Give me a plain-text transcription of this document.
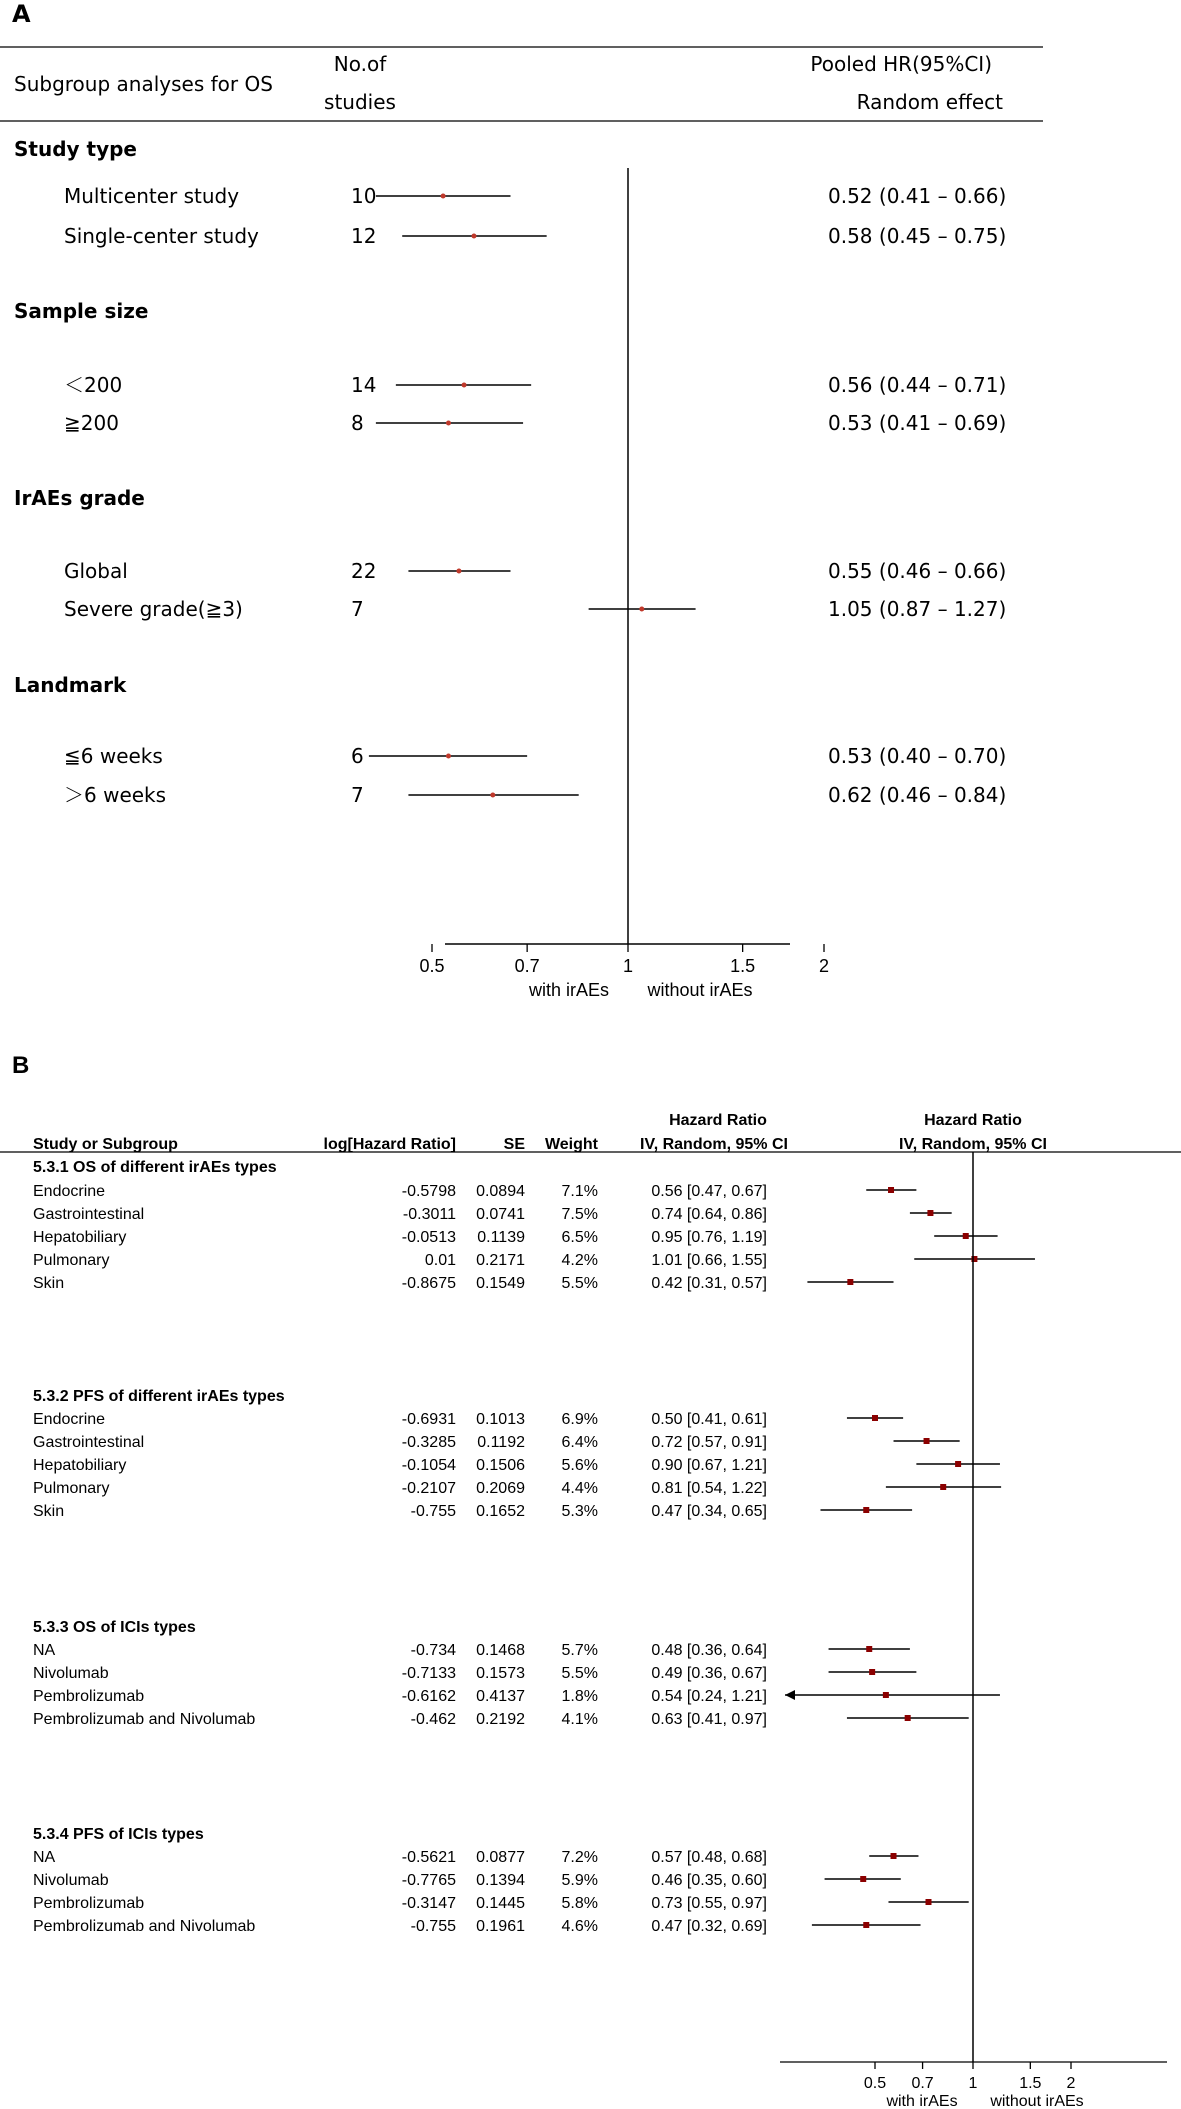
A
Subgroup analyses for OS
No.of
studies
Pooled HR(95%CI)
Random effect
Study type
Multicenter study	10	0.52 (0.41 – 0.66)
Single-center study	12	0.58 (0.45 – 0.75)
Sample size
＜200	14	0.56 (0.44 – 0.71)
≧200	8	0.53 (0.41 – 0.69)
IrAEs grade
Global	22	0.55 (0.46 – 0.66)
Severe grade(≧3)	7	1.05 (0.87 – 1.27)
Landmark
≦6 weeks	6	0.53 (0.40 – 0.70)
＞6 weeks	7	0.62 (0.46 – 0.84)
0.5	0.7	1	1.5	2
with irAEs without irAEs
B
Hazard Ratio
Study or Subgroup	log[Hazard Ratio]	SE Weight	IV, Random, 95% CI
Hazard Ratio
IV, Random, 95% CI
5.3.1 OS of different irAEs types
Endocrine	-0.5798 0.0894 7.1%	0.56 [0.47, 0.67]
Gastrointestinal	-0.3011 0.0741 7.5%	0.74 [0.64, 0.86]
Hepatobiliary	-0.0513 0.1139 6.5%	0.95 [0.76, 1.19]
Pulmonary	0.01 0.2171 4.2%	1.01 [0.66, 1.55]
Skin	-0.8675 0.1549 5.5%	0.42 [0.31, 0.57]
5.3.2 PFS of different irAEs types
Endocrine	-0.6931 0.1013 6.9%	0.50 [0.41, 0.61]
Gastrointestinal	-0.3285 0.1192 6.4%	0.72 [0.57, 0.91]
Hepatobiliary	-0.1054 0.1506 5.6%	0.90 [0.67, 1.21]
Pulmonary	-0.2107 0.2069 4.4%	0.81 [0.54, 1.22]
Skin	-0.755 0.1652 5.3%	0.47 [0.34, 0.65]
5.3.3 OS of ICIs types
NA	-0.734 0.1468 5.7%	0.48 [0.36, 0.64]
Nivolumab	-0.7133 0.1573 5.5%	0.49 [0.36, 0.67]
Pembrolizumab	-0.6162 0.4137 1.8%	0.54 [0.24, 1.21]
Pembrolizumab and Nivolumab	-0.462 0.2192 4.1%	0.63 [0.41, 0.97]
5.3.4 PFS of ICIs types
NA	-0.5621 0.0877 7.2%	0.57 [0.48, 0.68]
Nivolumab	-0.7765 0.1394 5.9%	0.46 [0.35, 0.60]
Pembrolizumab	-0.3147 0.1445 5.8%	0.73 [0.55, 0.97]
Pembrolizumab and Nivolumab	-0.755 0.1961 4.6%	0.47 [0.32, 0.69]
0.5 0.7 1	1.5 2
with irAEs without irAEs
